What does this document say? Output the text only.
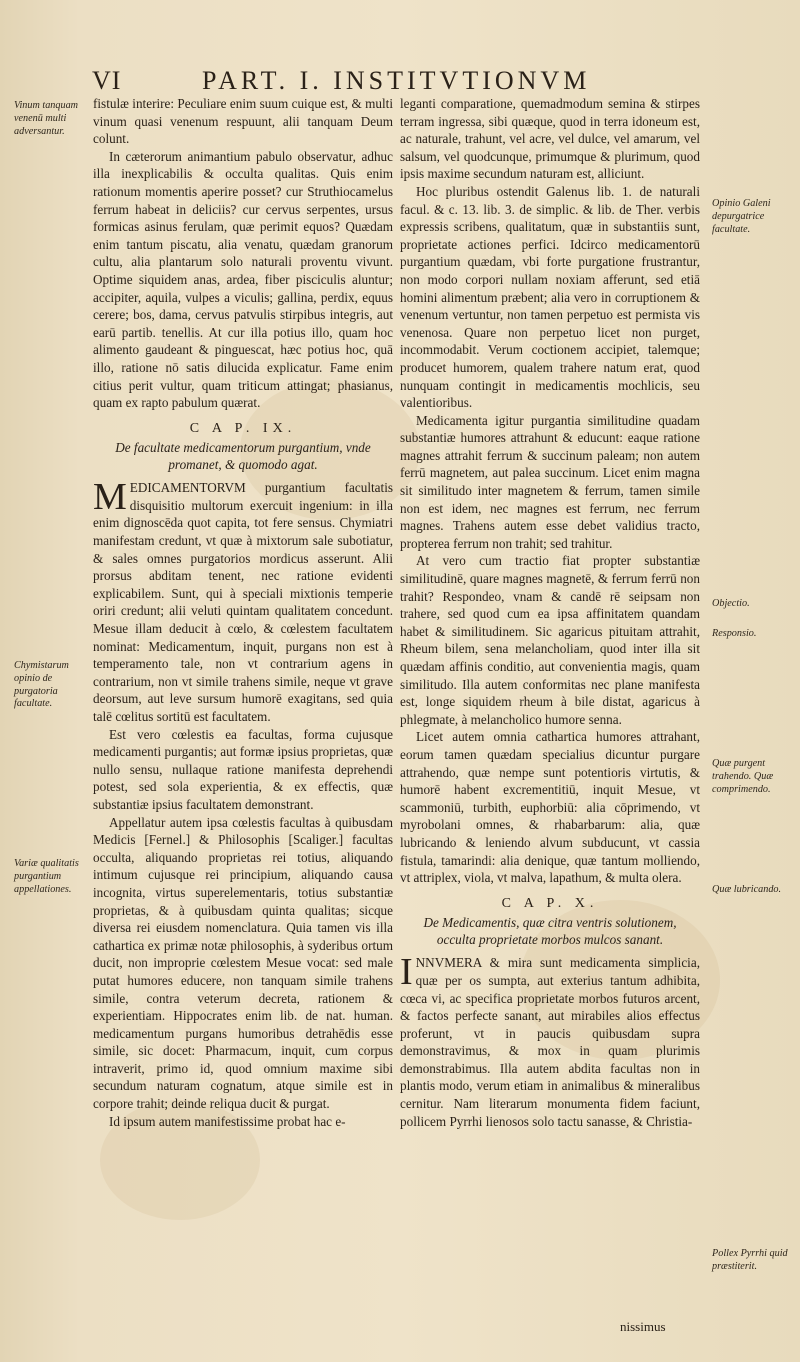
VI	PART. I. INSTITVTIONVM
Vinum tanquam venenū multi adversantur.
Chymistarum opinio de purgatoria facultate.
Variæ qualitatis purgantium appellationes.
Opinio Galeni depurgatrice facultate.
Objectio.
Responsio.
Quæ purgent trahendo. Quæ comprimendo.
Quæ lubricando.
Pollex Pyrrhi quid præstiterit.

fistulæ interire: Peculiare enim suum cuique est, & multi vinum quasi venenum respuunt, alii tanquam Deum colunt.

In cæterorum animantium pabulo observatur, adhuc illa inexplicabilis & occulta qualitas. Quis enim rationum momentis aperire posset? cur Struthiocamelus ferrum habeat in deliciis? cur cervus serpentes, ursus formicas asinus ferulam, quæ perimit equos? Quædam enim tantum piscatu, alia venatu, quædam granorum cultu, alia plantarum solo naturali proventu vivunt. Optime siquidem anas, ardea, fiber pisciculis aluntur; accipiter, aquila, vulpes a viculis; gallina, perdix, equus cerere; bos, dama, cervus patvulis stirpibus integris, aut earū partib. tenellis. At cur illa potius illo, quam hoc alimento gaudeant & pinguescat, hæc potius hoc, quā illo, ratione nō satis dilucida explicatur. Fame enim citius perit vultur, quam triticum attingat; phasianus, quam ex rapto pabulum quærat.

C A P. IX.
De facultate medicamentorum purgantium, vnde promanet, & quomodo agat.

MEDICAMENTORVM purgantium facultatis disquisitio multorum exercuit ingenium: in illa enim dignoscēda quot capita, tot fere sensus. Chymiatri manifestam credunt, vt quæ à mixtorum sale subotiatur, & sales omnes purgatorios mordicus asserunt. Alii prorsus abditam tenent, nec ratione evidenti explicabilem. Sunt, qui à speciali mixtionis temperie oriri credunt; alii veluti quintam qualitatem concedunt. Mesue illam deducit à cœlo, & cœlestem facultatem nominat: Medicamentum, inquit, purgans non est à temperamento tale, non vt contrarium agens in contrarium, non vt simile trahens simile, neque vt grave deorsum, aut leve sursum humorē exagitans, sed quia talē cœlitus sortitū est facultatem.

Est vero cœlestis ea facultas, forma cujusque medicamenti purgantis; aut formæ ipsius proprietas, quæ nullo sensu, nullaque ratione manifesta deprehendi potest, sed sola experientia, & ex effectis, quæ substantiæ ipsius facultatem demonstrant.

Appellatur autem ipsa cœlestis facultas à quibusdam Medicis [Fernel.] & Philosophis [Scaliger.] facultas occulta, aliquando proprietas rei totius, aliquando intimum cujusque rei principium, aliquando causa incognita, virtus superelementaris, totius substantiæ proprietas, & à quibusdam quinta qualitas; sicque diversa rei eiusdem nomenclatura. Quia tamen vis illa cathartica ex primæ notæ philosophis, à syderibus ortum ducit, non improprie cœlestem Mesue vocat: sed male putat humores educere, non tanquam simile trahens simile, contra veterum decreta, rationem & experientiam. Hippocrates enim lib. de nat. human. medicamentum purgans humoribus detrahēdis esse simile, sic docet: Pharmacum, inquit, cum corpus intraverit, primo id, quod omnium maxime sibi secundum naturam cognatum, atque simile est in corpore trahit; deinde reliqua ducit & purgat.

Id ipsum autem manifestissime probat hac e-

leganti comparatione, quemadmodum semina & stirpes terram ingressa, sibi quæque, quod in terra idoneum est, ac naturale, trahunt, vel acre, vel dulce, vel amarum, vel salsum, vel quodcunque, primumque & plurimum, quod ipsis maxime secundum naturam est, alliciunt.

Hoc pluribus ostendit Galenus lib. 1. de naturali facul. & c. 13. lib. 3. de simplic. & lib. de Ther. verbis expressis scribens, qualitatum, quæ in substantiis sunt, proprietate actiones perfici. Idcirco medicamentorū purgantium quædam, vbi forte purgatione frustrantur, non modo corpori nullam noxiam afferunt, sed etiā homini alimentum præbent; alia vero in corruptionem & venenum vertuntur, non tamen perpetuo est permista vis venenosa. Quare non perpetuo licet non purget, incommodabit. Verum coctionem accipiet, talemque; producet humorem, qualem trahere natum erat, quod nunquam contingit in medicamentis mochlicis, seu valentioribus.

Medicamenta igitur purgantia similitudine quadam substantiæ humores attrahunt & educunt: eaque ratione magnes attrahit ferrum & succinum paleam; non autem ferrū magnetem, aut palea succinum. Licet enim magna sit similitudo inter magnetem & ferrum, tamen simile non est idem, nec magnes est ferrum, nec ferrum magnes. Trahens autem esse debet validius tracto, propterea ferrum non trahit; sed trahitur.

At vero cum tractio fiat propter substantiæ similitudinē, quare magnes magnetē, & ferrum ferrū non trahit? Respondeo, vnam & candē rē seipsam non trahere, sed quod cum ea ipsa affinitatem quandam habet & similitudinem. Sic agaricus pituitam attrahit, Rheum bilem, sena melancholiam, quod inter illa sit quædam affinis conditio, aut convenientia magis, quam similitudo. Illa autem conformitas nec plane manifesta est, longe siquidem rheum à bile distat, agaricus à phlegmate, à melancholico humore senna.

Licet autem omnia cathartica humores attrahant, eorum tamen quædam specialius dicuntur purgare attrahendo, quæ nempe sunt potentioris virtutis, & humorē habent excrementitiū, inquit Mesue, vt scammoniū, turbith, euphorbiū: alia cōprimendo, vt myrobolani omnes, & rhabarbarum: alia, quæ lubricando & leniendo alvum subducunt, vt cassia fistula, tamarindi: alia denique, quæ tantum molliendo, vt attriplex, viola, vt malva, lapathum, & multa olera.

C A P. X.
De Medicamentis, quæ citra ventris solutionem, occulta proprietate morbos mulcos sanant.

INNVMERA & mira sunt medicamenta simplicia, quæ per os sumpta, aut exterius tantum adhibita, cœca vi, ac specifica proprietate morbos futuros arcent, & factos perfecte sanant, aut mirabiles alios effectus proferunt, vt in paucis quibusdam supra demonstravimus, & mox in quam plurimis demonstrabimus. Illa autem abdita facultas non in plantis modo, verum etiam in animalibus & mineralibus cernitur. Nam literarum monumenta fidem faciunt, pollicem Pyrrhi lienosos solo tactu sanasse, & Christia-

nissimus
